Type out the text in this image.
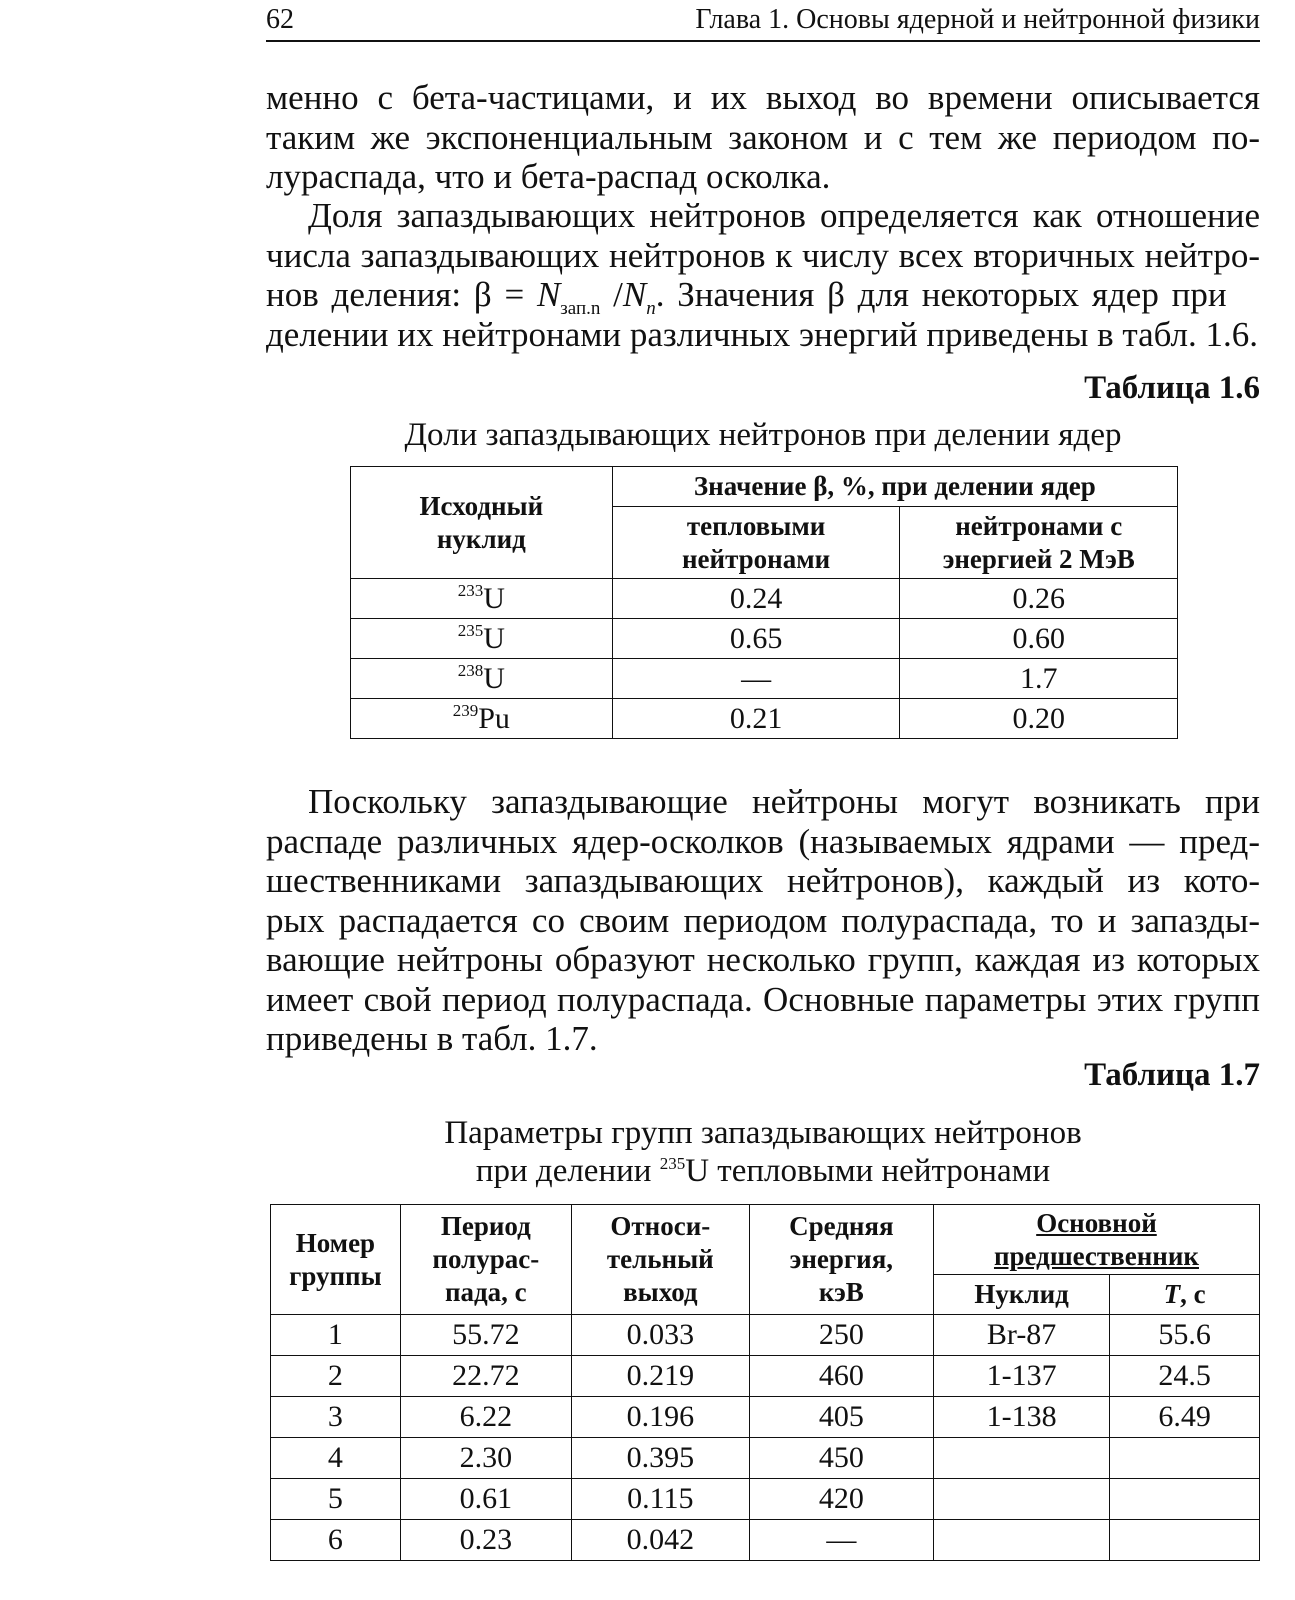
62	Глава 1. Основы ядерной и нейтронной физики
менно с бета-частицами, и их выход во времени описывается
таким же экспоненциальным законом и с тем же периодом по-
лураспада, что и бета-распад осколка.
Доля запаздывающих нейтронов определяется как отношение
числа запаздывающих нейтронов к числу всех вторичных нейтро-
нов деления: $\beta = N_{зап.n}$ $/N_n$. Значения β для некоторых ядер при
делении их нейтронами различных энергий приведены в табл. 1.6.
Таблица 1.6
Доли запаздывающих нейтронов при делении ядер
Исходный нуклид	Значение β, %, при делении ядер	
	тепловыми нейтронами	нейтронами с энергией 2 МэВ
$^{233}$U	0.24	0.26
$^{235}$U	0.65	0.60
$^{238}$U	—	1.7
$^{239}$Pu	0.21	0.20
Поскольку запаздывающие нейтроны могут возникать при
распаде различных ядер-осколков (называемых ядрами — пред-
шественниками запаздывающих нейтронов), каждый из кото-
рых распадается со своим периодом полураспада, то и запазды-
вающие нейтроны образуют несколько групп, каждая из которых
имеет свой период полураспада. Основные параметры этих групп
приведены в табл. 1.7.
Таблица 1.7
Параметры групп запаздывающих нейтронов
при делении $^{235}$U тепловыми нейтронами
Номер группы	Период полурас-пада, с	Относи-тельный выход	Средняя энергия, кэВ	Основной предшественник	
				Нуклид	T, с
1	55.72	0.033	250	Br-87	55.6
2	22.72	0.219	460	1-137	24.5
3	6.22	0.196	405	1-138	6.49
4	2.30	0.395	450		
5	0.61	0.115	420		
6	0.23	0.042	—		
